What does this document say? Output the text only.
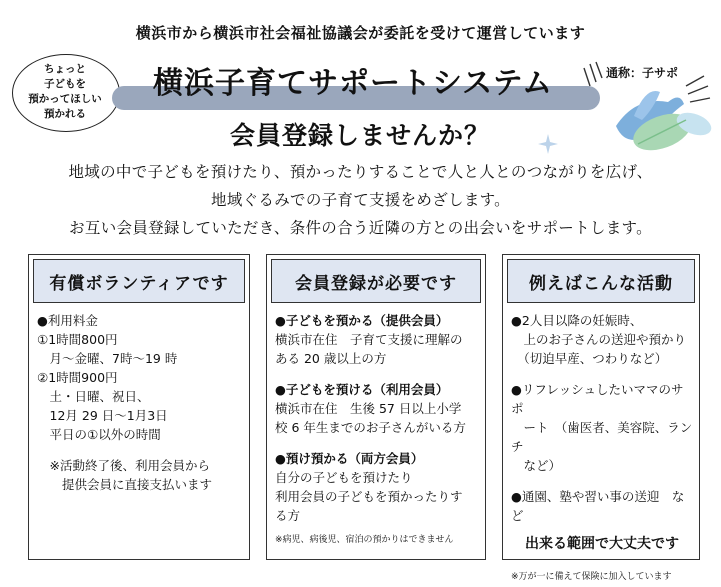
横浜市から横浜市社会福祉協議会が委託を受けて運営しています
ちょっと
子どもを
預かってほしい
預かれる
横浜子育てサポートシステム	通称：子サポ
会員登録しませんか？
地域の中で子どもを預けたり、預かったりすることで人と人とのつながりを広げ、
地域ぐるみでの子育て支援をめざします。
お互い会員登録していただき、条件の合う近隣の方との出会いをサポートします。
有償ボランティアです
●利用料金
①1時間800円
　月～金曜、7時～19 時
②1時間900円
　土・日曜、祝日、
　12月 29 日～1月3日
　平日の①以外の時間
　※活動終了後、利用会員から
　　提供会員に直接支払います
会員登録が必要です
●子どもを預かる（提供会員）
横浜市在住　子育て支援に理解の
ある 20 歳以上の方
●子どもを預ける（利用会員）
横浜市在住　生後 57 日以上小学
校 6 年生までのお子さんがいる方
●預け預かる（両方会員）
自分の子どもを預けたり
利用会員の子どもを預かったりす
る方
※病児、病後児、宿泊の預かりはできません
例えばこんな活動
●2人目以降の妊娠時、
　上のお子さんの送迎や預かり
　（切迫早産、つわりなど）
●リフレッシュしたいママのサポ
　ート　（歯医者、美容院、ランチ
　など）
●通園、塾や習い事の送迎　など
出来る範囲で大丈夫です
※万が一に備えて保険に加入しています
